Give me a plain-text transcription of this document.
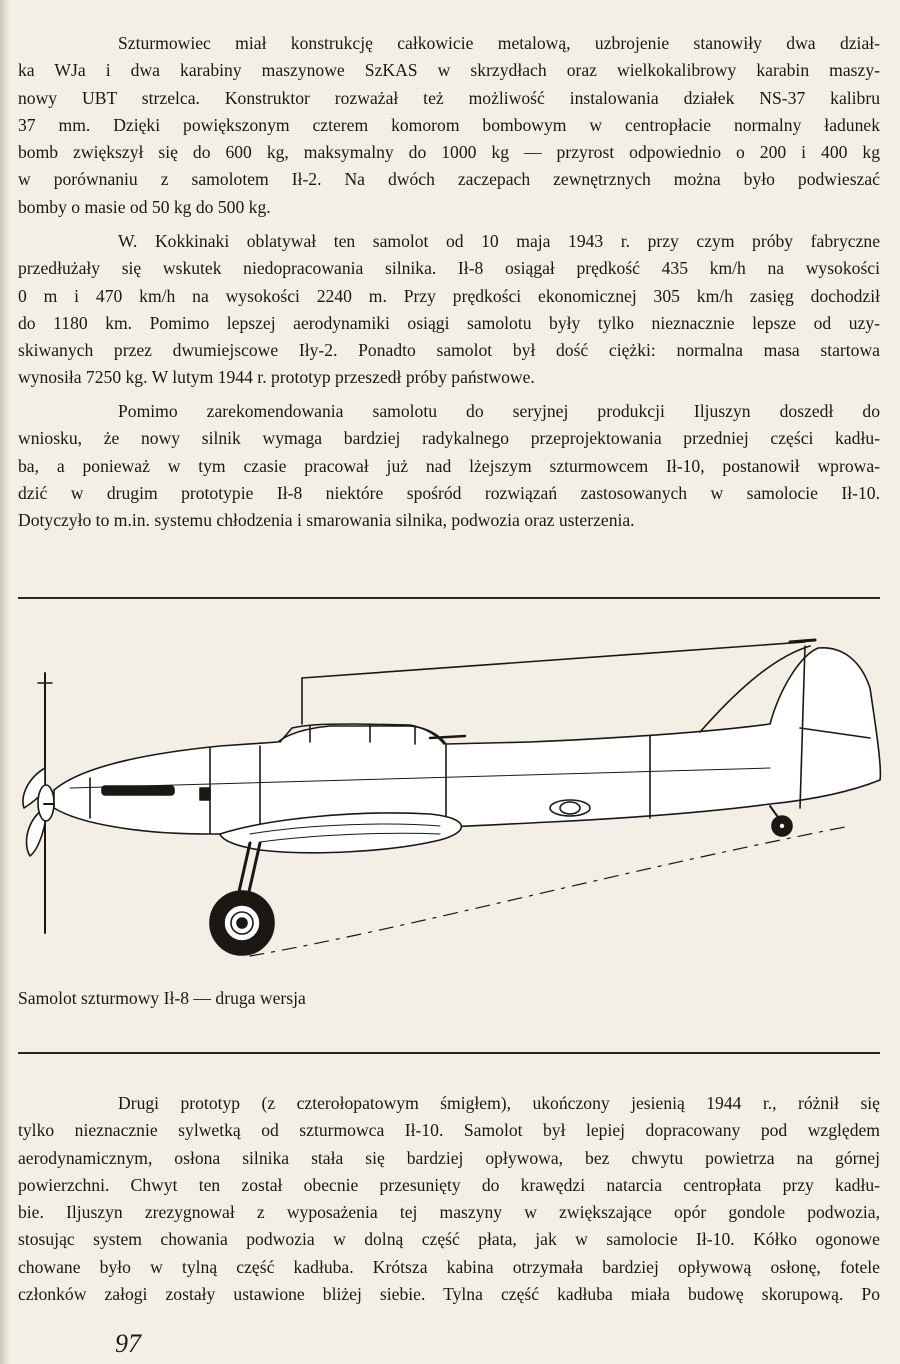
Szturmowiec miał konstrukcję całkowicie metalową, uzbrojenie stanowiły dwa dział-
ka WJa i dwa karabiny maszynowe SzKAS w skrzydłach oraz wielkokalibrowy karabin maszy-
nowy UBT strzelca. Konstruktor rozważał też możliwość instalowania działek NS-37 kalibru
37 mm. Dzięki powiększonym czterem komorom bombowym w centropłacie normalny ładunek
bomb zwiększył się do 600 kg, maksymalny do 1000 kg — przyrost odpowiednio o 200 i 400 kg
w porównaniu z samolotem Ił-2. Na dwóch zaczepach zewnętrznych można było podwieszać
bomby o masie od 50 kg do 500 kg.

W. Kokkinaki oblatywał ten samolot od 10 maja 1943 r. przy czym próby fabryczne
przedłużały się wskutek niedopracowania silnika. Ił-8 osiągał prędkość 435 km/h na wysokości
0 m i 470 km/h na wysokości 2240 m. Przy prędkości ekonomicznej 305 km/h zasięg dochodził
do 1180 km. Pomimo lepszej aerodynamiki osiągi samolotu były tylko nieznacznie lepsze od uzy-
skiwanych przez dwumiejscowe Iły-2. Ponadto samolot był dość ciężki: normalna masa startowa
wynosiła 7250 kg. W lutym 1944 r. prototyp przeszedł próby państwowe.

Pomimo zarekomendowania samolotu do seryjnej produkcji Iljuszyn doszedł do
wniosku, że nowy silnik wymaga bardziej radykalnego przeprojektowania przedniej części kadłu-
ba, a ponieważ w tym czasie pracował już nad lżejszym szturmowcem Ił-10, postanowił wprowa-
dzić w drugim prototypie Ił-8 niektóre spośród rozwiązań zastosowanych w samolocie Ił-10.
Dotyczyło to m.in. systemu chłodzenia i smarowania silnika, podwozia oraz usterzenia.

Samolot szturmowy Ił-8 — druga wersja

Drugi prototyp (z czterołopatowym śmigłem), ukończony jesienią 1944 r., różnił się
tylko nieznacznie sylwetką od szturmowca Ił-10. Samolot był lepiej dopracowany pod względem
aerodynamicznym, osłona silnika stała się bardziej opływowa, bez chwytu powietrza na górnej
powierzchni. Chwyt ten został obecnie przesunięty do krawędzi natarcia centropłata przy kadłu-
bie. Iljuszyn zrezygnował z wyposażenia tej maszyny w zwiększające opór gondole podwozia,
stosując system chowania podwozia w dolną część płata, jak w samolocie Ił-10. Kółko ogonowe
chowane było w tylną część kadłuba. Krótsza kabina otrzymała bardziej opływową osłonę, fotele
członków załogi zostały ustawione bliżej siebie. Tylna część kadłuba miała budowę skorupową. Po

97
